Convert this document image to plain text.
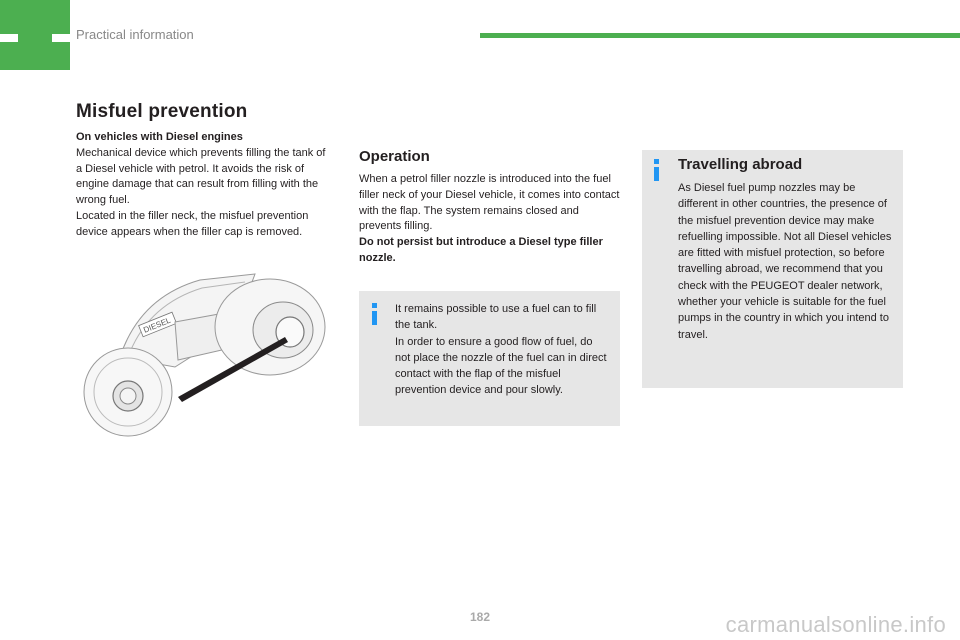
Practical information
Misfuel prevention
On vehicles with Diesel engines
Mechanical device which prevents filling the tank of a Diesel vehicle with petrol. It avoids the risk of engine damage that can result from filling with the wrong fuel.
Located in the filler neck, the misfuel prevention device appears when the filler cap is removed.
DIESEL
Operation
When a petrol filler nozzle is introduced into the fuel filler neck of your Diesel vehicle, it comes into contact with the flap. The system remains closed and prevents filling.
Do not persist but introduce a Diesel type filler nozzle.
It remains possible to use a fuel can to fill the tank.
In order to ensure a good flow of fuel, do not place the nozzle of the fuel can in direct contact with the flap of the misfuel prevention device and pour slowly.
Travelling abroad
As Diesel fuel pump nozzles may be different in other countries, the presence of the misfuel prevention device may make refuelling impossible. Not all Diesel vehicles are fitted with misfuel protection, so before travelling abroad, we recommend that you check with the PEUGEOT dealer network, whether your vehicle is suitable for the fuel pumps in the country in which you intend to travel.
182	carmanualsonline.info
